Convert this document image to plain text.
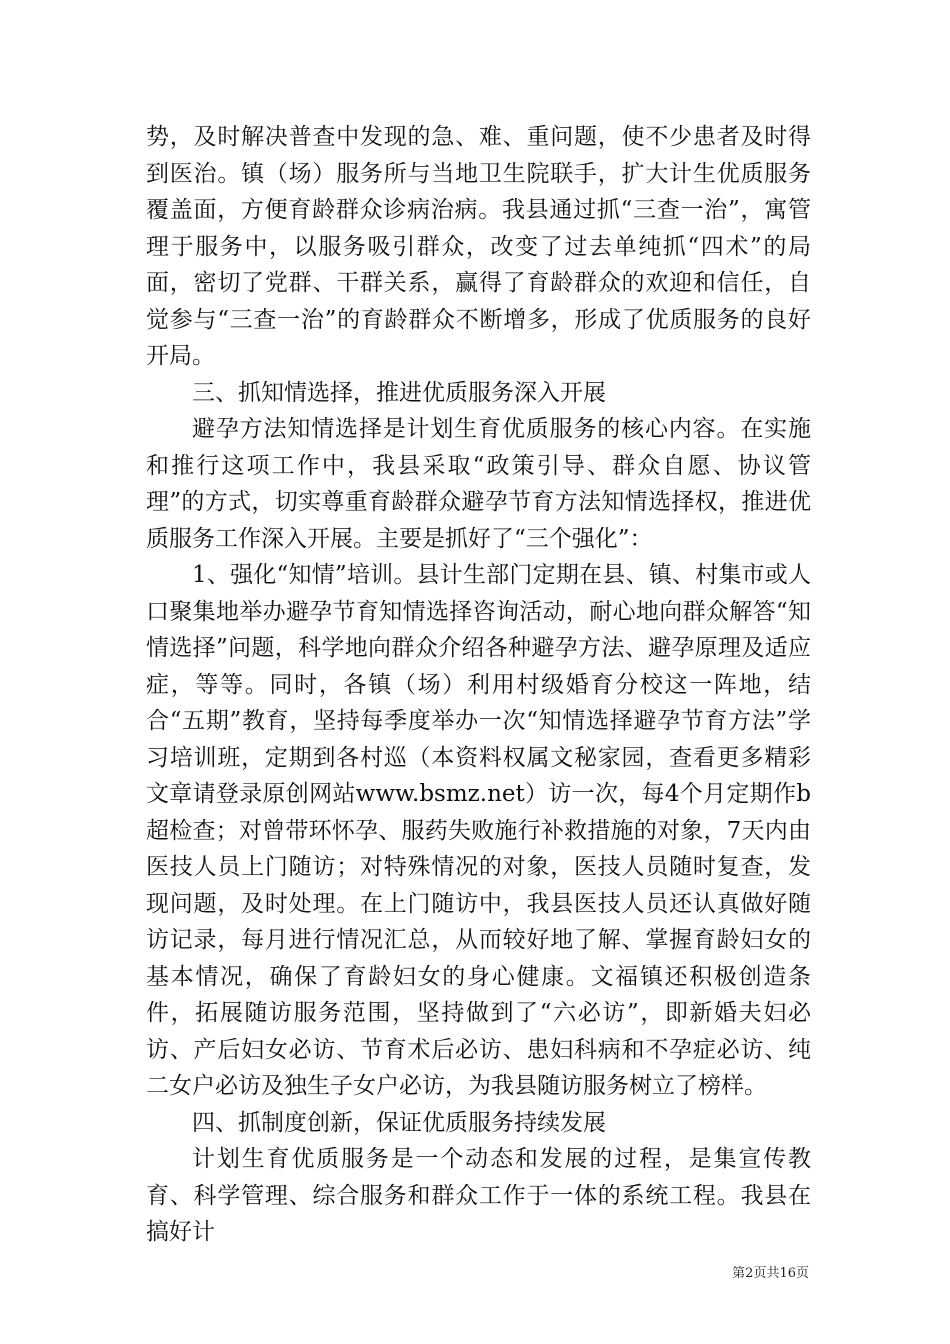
势，及时解决普查中发现的急、难、重问题，使不少患者及时得到医治。镇（场）服务所与当地卫生院联手，扩大计生优质服务覆盖面，方便育龄群众诊病治病。我县通过抓“三查一治”，寓管理于服务中，以服务吸引群众，改变了过去单纯抓“四术”的局面，密切了党群、干群关系，赢得了育龄群众的欢迎和信任，自觉参与“三查一治”的育龄群众不断增多，形成了优质服务的良好开局。

三、抓知情选择，推进优质服务深入开展

避孕方法知情选择是计划生育优质服务的核心内容。在实施和推行这项工作中，我县采取“政策引导、群众自愿、协议管理”的方式，切实尊重育龄群众避孕节育方法知情选择权，推进优质服务工作深入开展。主要是抓好了“三个强化”：

1、强化“知情”培训。县计生部门定期在县、镇、村集市或人口聚集地举办避孕节育知情选择咨询活动，耐心地向群众解答“知情选择”问题，科学地向群众介绍各种避孕方法、避孕原理及适应症，等等。同时，各镇（场）利用村级婚育分校这一阵地，结合“五期”教育，坚持每季度举办一次“知情选择避孕节育方法”学习培训班，定期到各村巡（本资料权属文秘家园，查看更多精彩文章请登录原创网站www.bsmz.net）访一次，每4个月定期作b超检查；对曾带环怀孕、服药失败施行补救措施的对象，7天内由医技人员上门随访；对特殊情况的对象，医技人员随时复查，发现问题，及时处理。在上门随访中，我县医技人员还认真做好随访记录，每月进行情况汇总，从而较好地了解、掌握育龄妇女的基本情况，确保了育龄妇女的身心健康。文福镇还积极创造条件，拓展随访服务范围，坚持做到了“六必访”，即新婚夫妇必访、产后妇女必访、节育术后必访、患妇科病和不孕症必访、纯二女户必访及独生子女户必访，为我县随访服务树立了榜样。

四、抓制度创新，保证优质服务持续发展

计划生育优质服务是一个动态和发展的过程，是集宣传教育、科学管理、综合服务和群众工作于一体的系统工程。我县在搞好计

第2页共16页
